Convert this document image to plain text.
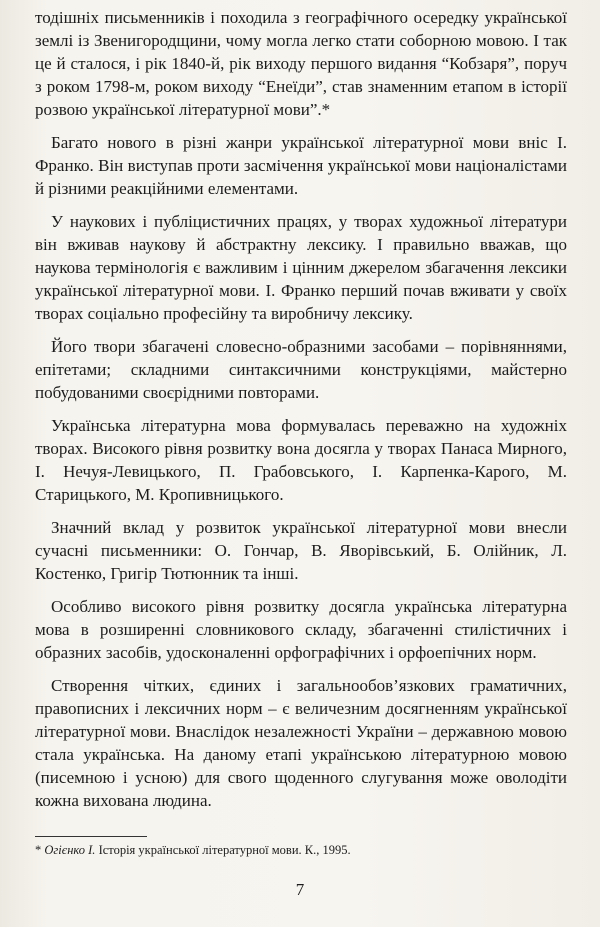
тодішніх письменників і походила з географічного осередку української землі із Звенигородщини, чому могла легко стати соборною мовою. І так це й сталося, і рік 1840-й, рік виходу першого видання “Кобзаря”, поруч з роком 1798-м, роком виходу “Енеїди”, став знаменним етапом в історії розвою української літературної мови”.*

Багато нового в різні жанри української літературної мови вніс І. Франко. Він виступав проти засмічення української мови націоналістами й різними реакційними елементами.

У наукових і публіцистичних працях, у творах художньої літератури він вживав наукову й абстрактну лексику. І правильно вважав, що наукова термінологія є важливим і цінним джерелом збагачення лексики української літературної мови. І. Франко перший почав вживати у своїх творах соціально професійну та виробничу лексику.

Його твори збагачені словесно-образними засобами – порівняннями, епітетами; складними синтаксичними конструкціями, майстерно побудованими своєрідними повторами.

Українська літературна мова формувалась переважно на художніх творах. Високого рівня розвитку вона досягла у творах Панаса Мирного, І. Нечуя-Левицького, П. Грабовського, І. Карпенка-Карого, М. Старицького, М. Кропивницького.

Значний вклад у розвиток української літературної мови внесли сучасні письменники: О. Гончар, В. Яворівський, Б. Олійник, Л. Костенко, Григір Тютюнник та інші.

Особливо високого рівня розвитку досягла українська літературна мова в розширенні словникового складу, збагаченні стилістичних і образних засобів, удосконаленні орфографічних і орфоепічних норм.

Створення чітких, єдиних і загальнообов’язкових граматичних, правописних і лексичних норм – є величезним досягненням української літературної мови. Внаслідок незалежності України – державною мовою стала українська. На даному етапі українською літературною мовою (писемною і усною) для свого щоденного слугування може оволодіти кожна вихована людина.

* Огієнко І. Історія української літературної мови. К., 1995.
7
